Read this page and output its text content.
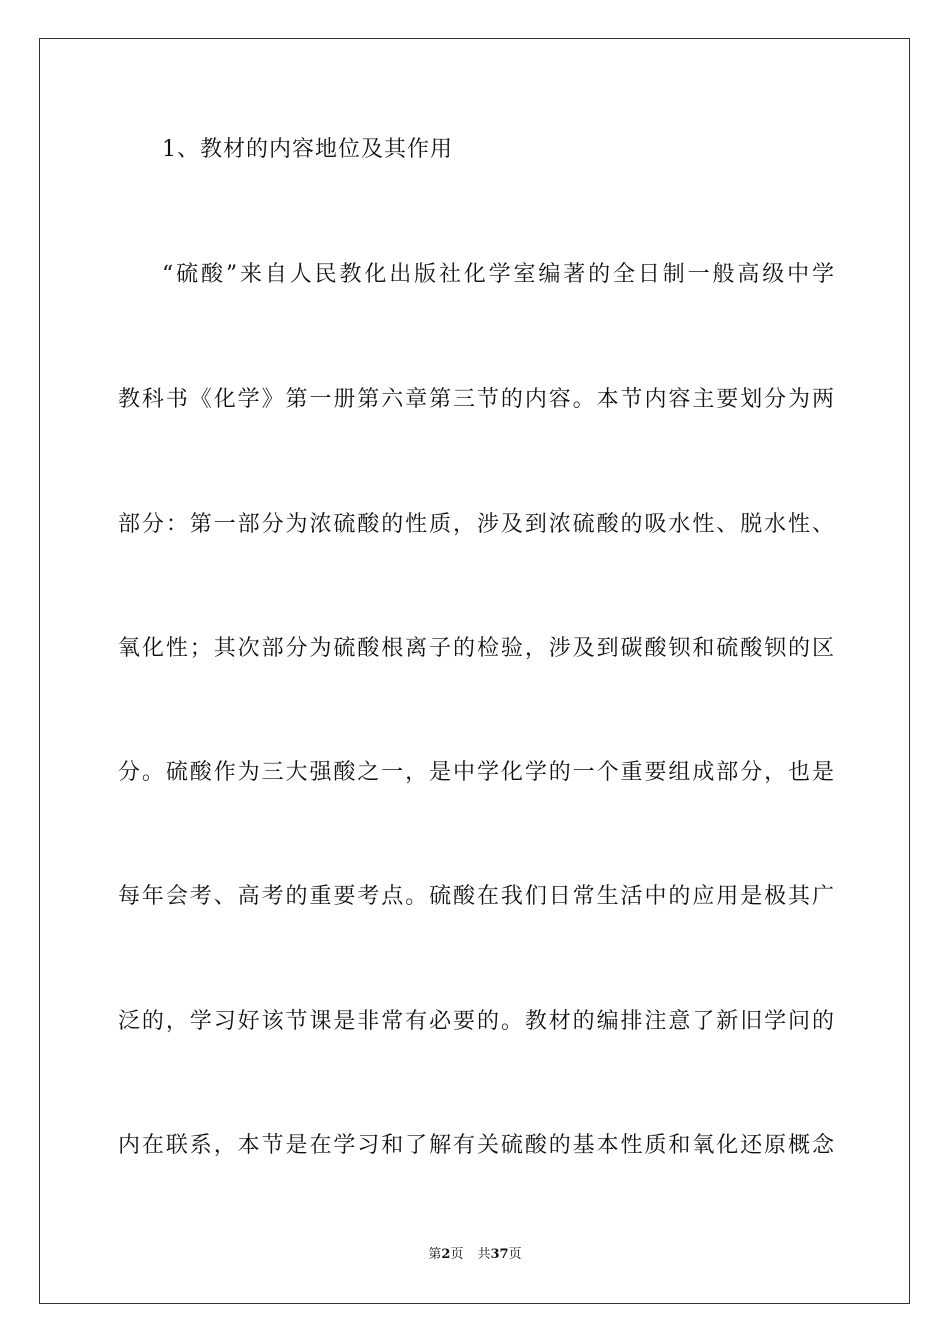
1、教材的内容地位及其作用
“硫酸”来自人民教化出版社化学室编著的全日制一般高级中学
教科书《化学》第一册第六章第三节的内容。本节内容主要划分为两
部分：第一部分为浓硫酸的性质，涉及到浓硫酸的吸水性、脱水性、
氧化性；其次部分为硫酸根离子的检验，涉及到碳酸钡和硫酸钡的区
分。硫酸作为三大强酸之一，是中学化学的一个重要组成部分，也是
每年会考、高考的重要考点。硫酸在我们日常生活中的应用是极其广
泛的，学习好该节课是非常有必要的。教材的编排注意了新旧学问的
内在联系，本节是在学习和了解有关硫酸的基本性质和氧化还原概念
第2页 共37页
